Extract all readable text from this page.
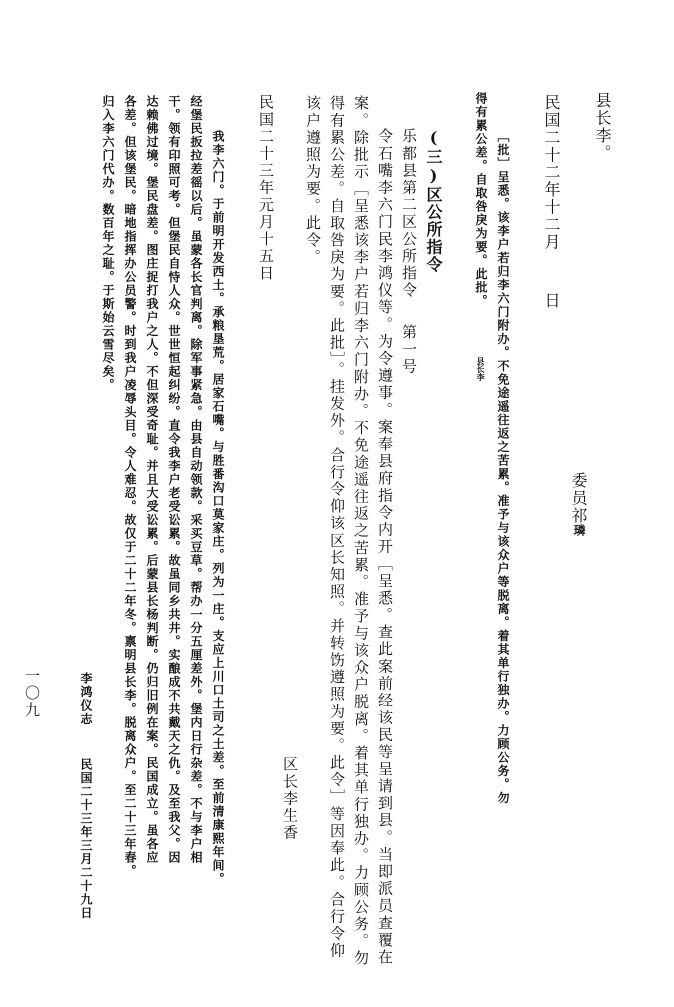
县长李。
民国二十二年十二月
日
委员祁
璘
［批］呈悉。该李户若归李六门附办。不免途遥往返之苦累。准予与该众户等脱离。着其单行独办。力顾公务。勿
得有累公差。自取咎戾为要。此批。
县长李
(三)区公所指令
乐都县第二区公所指令
第一号
令石嘴李六门民李鸿仪等。为令遵事。案奉县府指令内开［呈悉。查此案前经该民等呈请到县。当即派员查覆在
案。除批示［呈悉该李户若归李六门附办。不免途遥往返之苦累。准予与该众户脱离。着其单行独办。力顾公务。勿
得有累公差。自取咎戾为要。此批］。挂发外。合行令仰该区长知照。并转饬遵照为要。此令］等因奉此。合行令仰
该户遵照为要。此令。
民国二十三年元月十五日
区长李生香
我李六门。于前明开发西土。承粮垦荒。居家石嘴。与胜番沟口莫家庄。列为一庄。支应上川口土司之土差。至前清康熙年间。
经堡民扳拉差徭以后。虽蒙各长官判离。除军事紧急。由县自动领款。采买豆草。帮办一分五厘差外。堡内日行杂差。不与李户相
干。领有印照可考。但堡民自恃人众。世世恒起纠纷。直令我李户老受讼累。故虽同乡共井。实酿成不共戴天之仇。及至我父。因
达赖佛过境。堡民盘差。图庄捉打我户之人。不但深受奇耻。并且大受讼累。后蒙县长杨判断。仍归旧例在案。民国成立。虽各应
各差。但该堡民。暗地指挥办公员警。时到我户凌辱头目。令人难忍。故仅于二十二年冬。禀明县长李。脱离众户。至二十三年春。
归入李六门代办。数百年之耻。于斯始云雪尽矣。
李鸿仪志
民国二十三年三月二十九日
一〇九
